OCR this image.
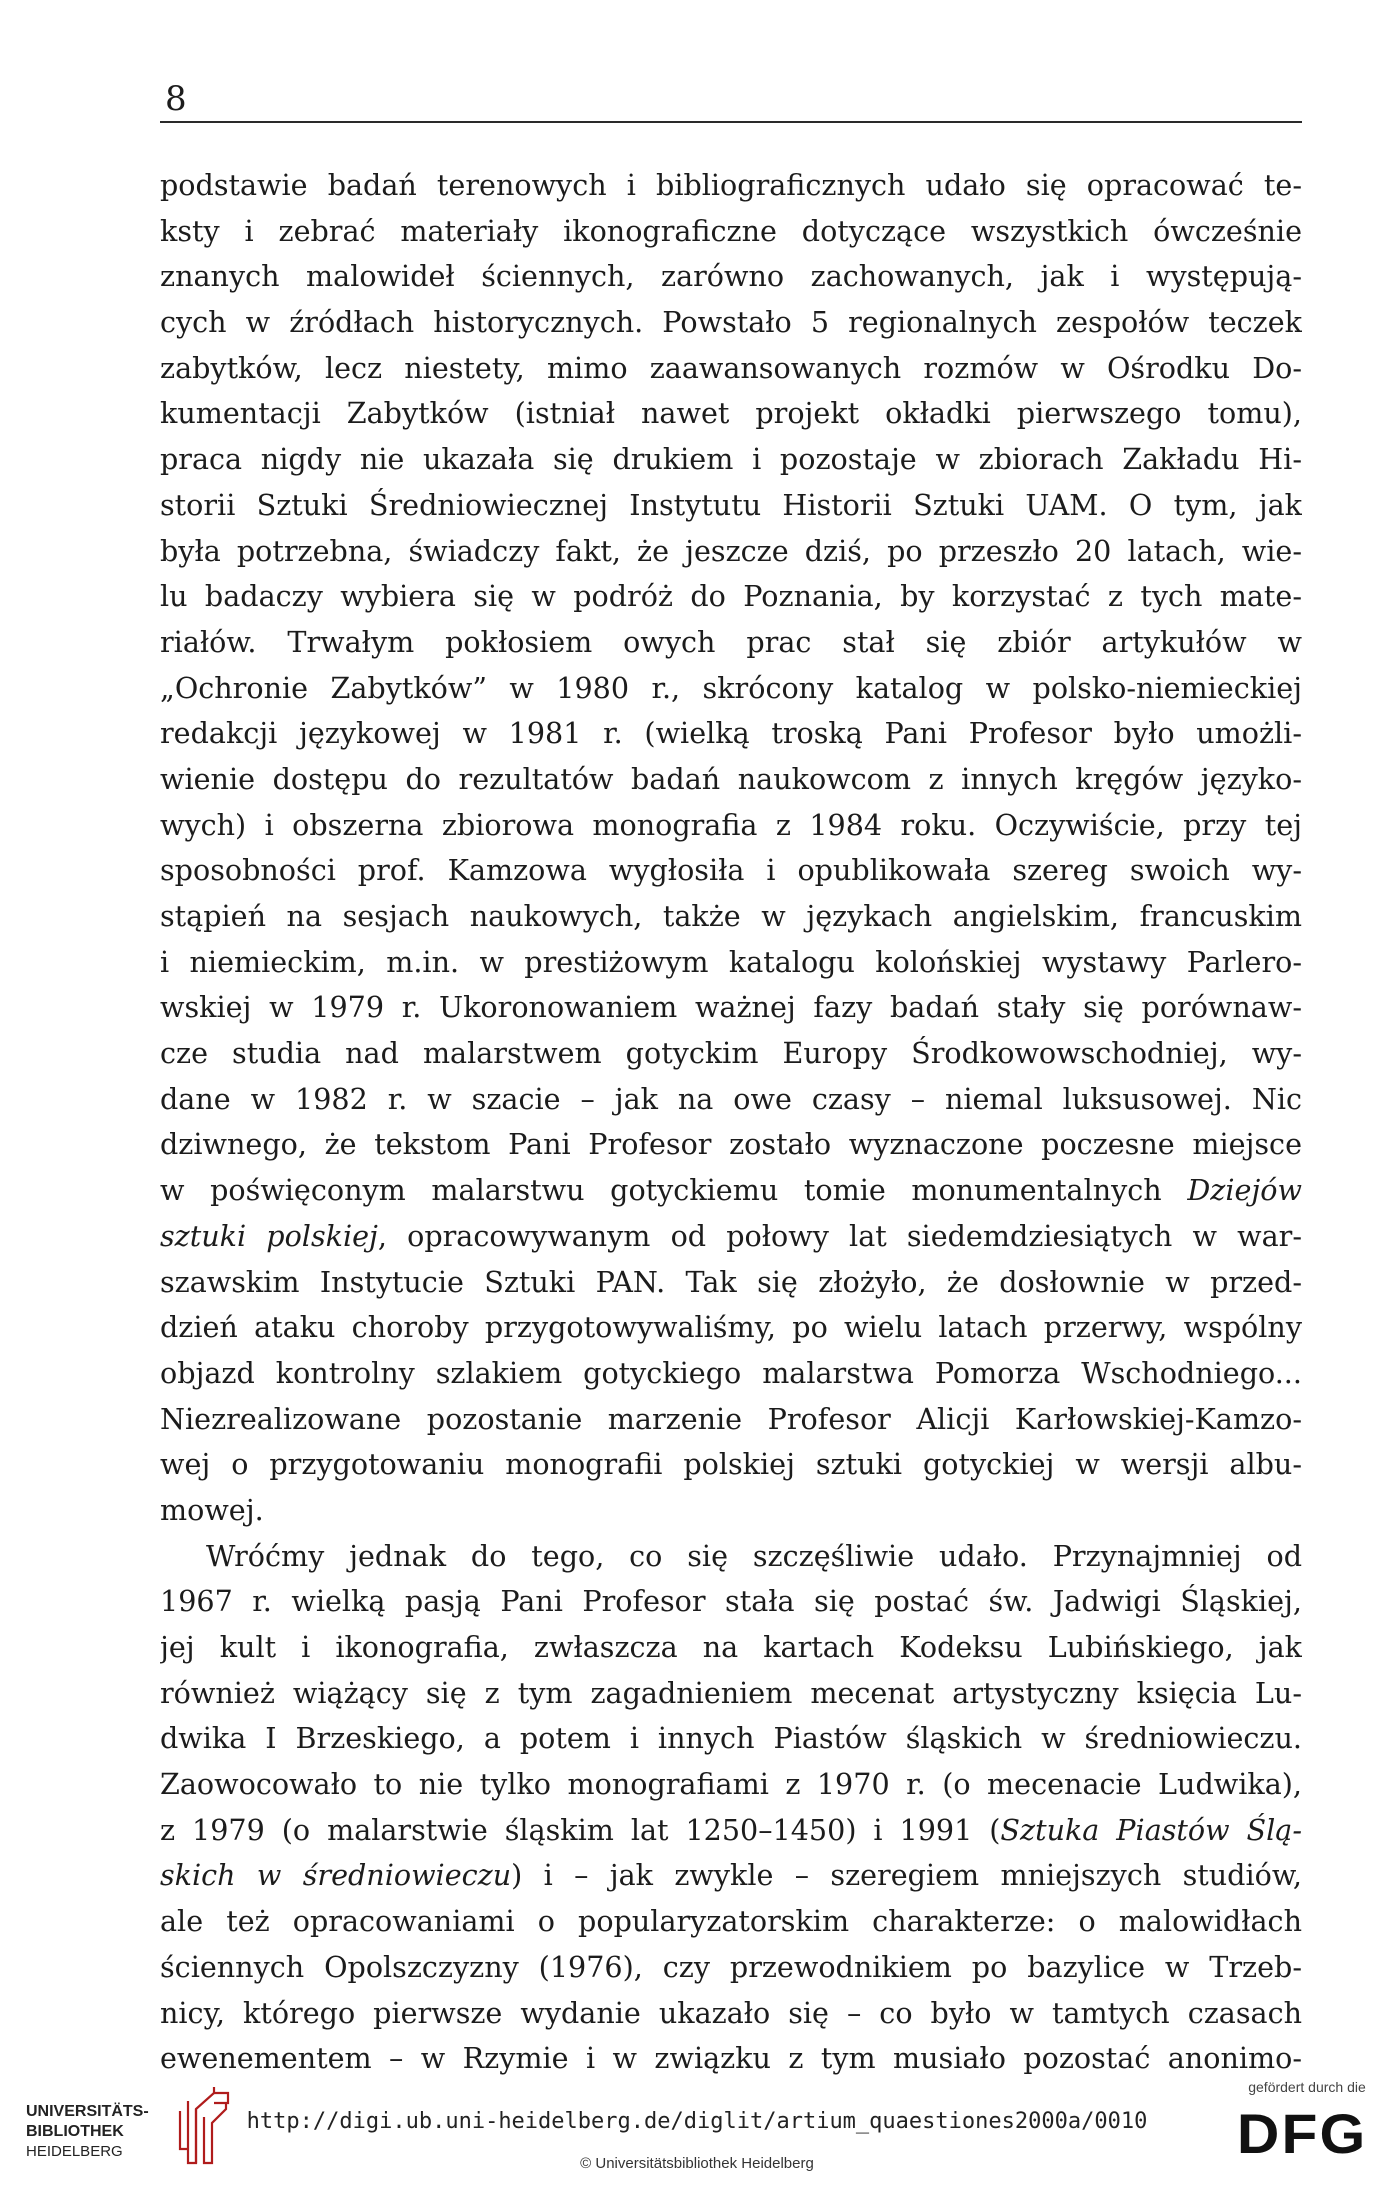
8
podstawie badań terenowych i bibliograficznych udało się opracować te-
ksty i zebrać materiały ikonograficzne dotyczące wszystkich ówcześnie
znanych malowideł ściennych, zarówno zachowanych, jak i występują-
cych w źródłach historycznych. Powstało 5 regionalnych zespołów teczek
zabytków, lecz niestety, mimo zaawansowanych rozmów w Ośrodku Do-
kumentacji Zabytków (istniał nawet projekt okładki pierwszego tomu),
praca nigdy nie ukazała się drukiem i pozostaje w zbiorach Zakładu Hi-
storii Sztuki Średniowiecznej Instytutu Historii Sztuki UAM. O tym, jak
była potrzebna, świadczy fakt, że jeszcze dziś, po przeszło 20 latach, wie-
lu badaczy wybiera się w podróż do Poznania, by korzystać z tych mate-
riałów. Trwałym pokłosiem owych prac stał się zbiór artykułów w
„Ochronie Zabytków” w 1980 r., skrócony katalog w polsko-niemieckiej
redakcji językowej w 1981 r. (wielką troską Pani Profesor było umożli-
wienie dostępu do rezultatów badań naukowcom z innych kręgów językо-
wych) i obszerna zbiorowa monografia z 1984 roku. Oczywiście, przy tej
sposobności prof. Kamzowa wygłosiła i opublikowała szereg swoich wy-
stąpień na sesjach naukowych, także w językach angielskim, francuskim
i niemieckim, m.in. w prestiżowym katalogu kolońskiej wystawy Parlero-
wskiej w 1979 r. Ukoronowaniem ważnej fazy badań stały się porównaw-
cze studia nad malarstwem gotyckim Europy Środkowowschodniej, wy-
dane w 1982 r. w szacie – jak na owe czasy – niemal luksusowej. Nic
dziwnego, że tekstom Pani Profesor zostało wyznaczone poczesne miejsce
w poświęconym malarstwu gotyckiemu tomie monumentalnych Dziejów
sztuki polskiej, opracowywanym od połowy lat siedemdziesiątych w war-
szawskim Instytucie Sztuki PAN. Tak się złożyło, że dosłownie w przed-
dzień ataku choroby przygotowywaliśmy, po wielu latach przerwy, wspólny
objazd kontrolny szlakiem gotyckiego malarstwa Pomorza Wschodniego...
Niezrealizowane pozostanie marzenie Profesor Alicji Karłowskiej-Kamzo-
wej o przygotowaniu monografii polskiej sztuki gotyckiej w wersji albu-
mowej.
Wróćmy jednak do tego, co się szczęśliwie udało. Przynajmniej od
1967 r. wielką pasją Pani Profesor stała się postać św. Jadwigi Śląskiej,
jej kult i ikonografia, zwłaszcza na kartach Kodeksu Lubińskiego, jak
również wiążący się z tym zagadnieniem mecenat artystyczny księcia Lu-
dwika I Brzeskiego, a potem i innych Piastów śląskich w średniowieczu.
Zaowocowało to nie tylko monografiami z 1970 r. (o mecenacie Ludwika),
z 1979 (o malarstwie śląskim lat 1250–1450) i 1991 (Sztuka Piastów Ślą-
skich w średniowieczu) i – jak zwykle – szeregiem mniejszych studiów,
ale też opracowaniami o popularyzatorskim charakterze: o malowidłach
ściennych Opolszczyzny (1976), czy przewodnikiem po bazylice w Trzeb-
nicy, którego pierwsze wydanie ukazało się – co było w tamtych czasach
ewenementem – w Rzymie i w związku z tym musiało pozostać anonimo-
UNIVERSITÄTS-
BIBLIOTHEK
HEIDELBERG
http://digi.ub.uni-heidelberg.de/diglit/artium_quaestiones2000a/0010
© Universitätsbibliothek Heidelberg
gefördert durch die
DFG
